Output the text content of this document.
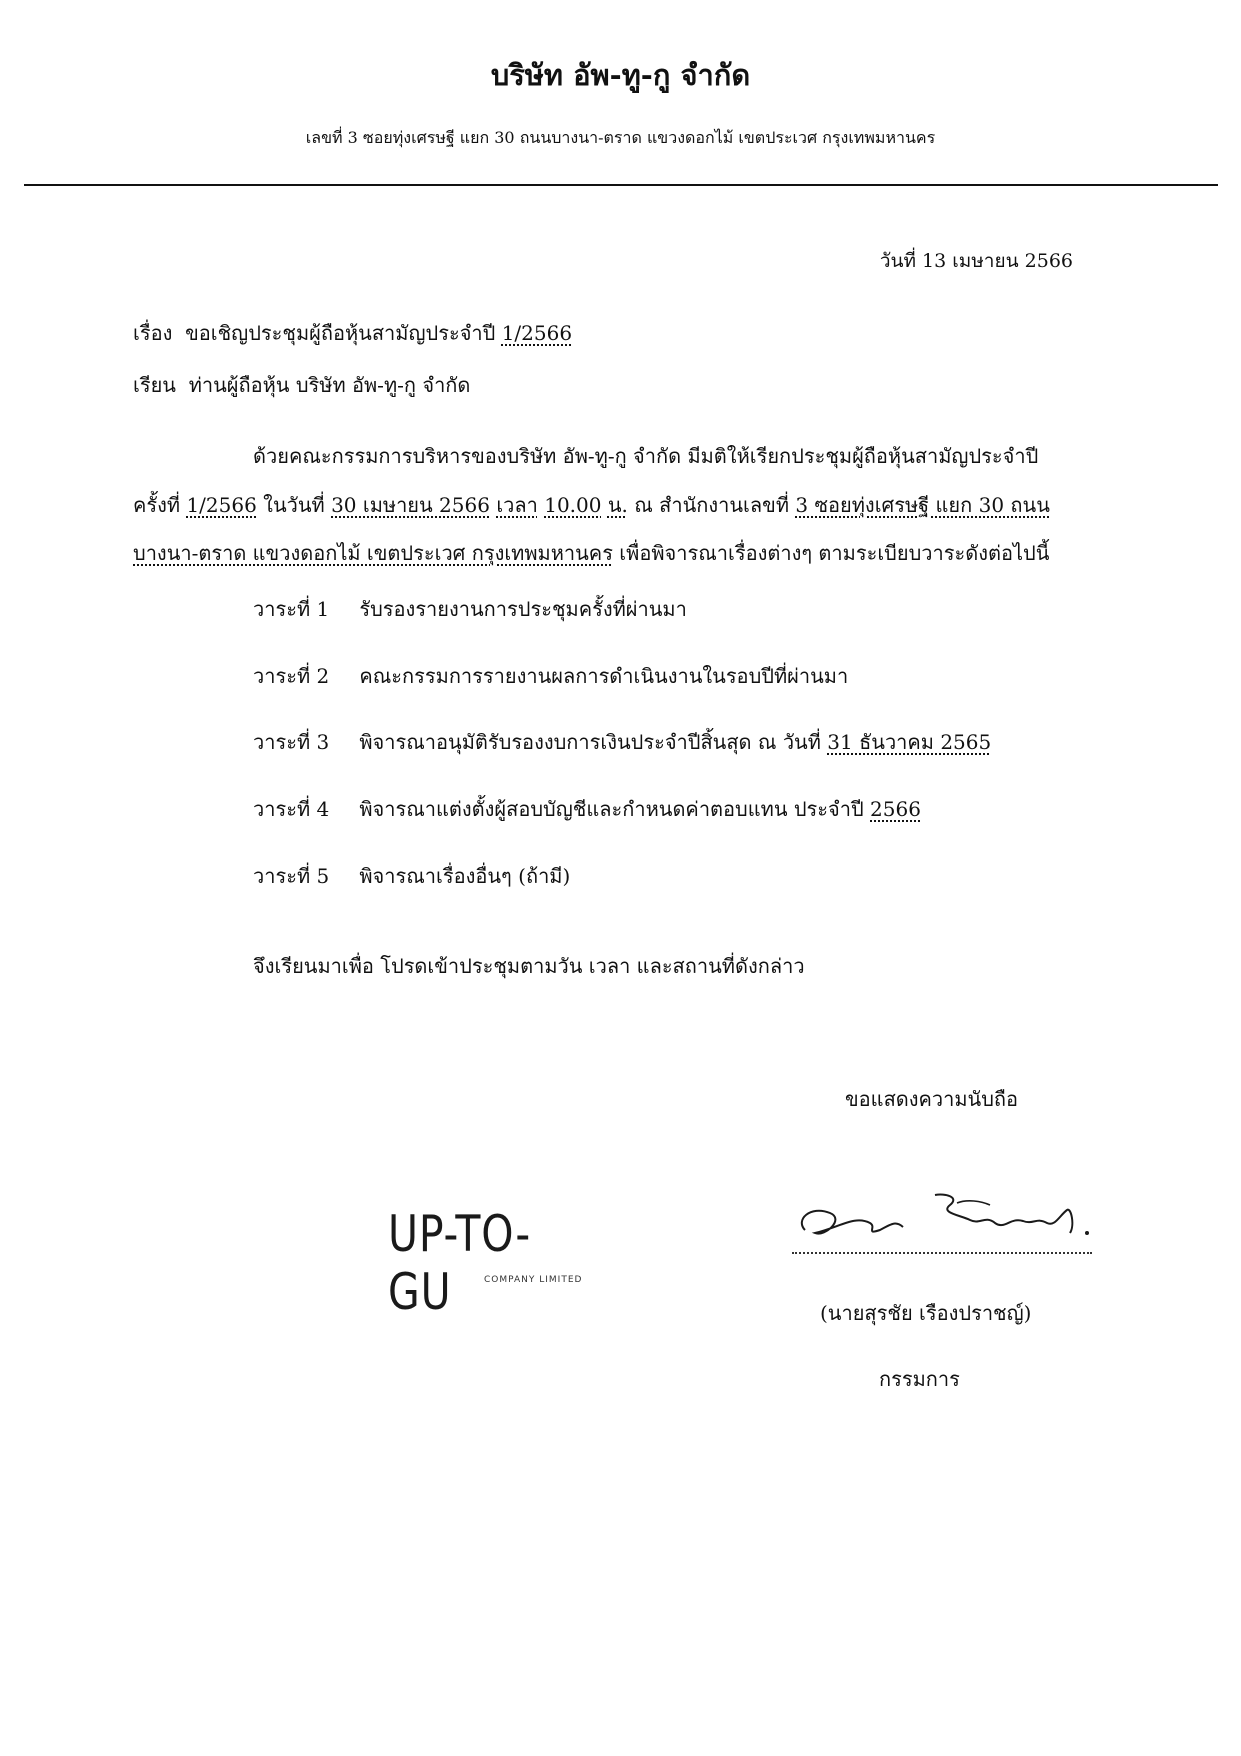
บริษัท อัพ-ทู-กู จำกัด
เลขที่ 3 ซอยทุ่งเศรษฐี แยก 30 ถนนบางนา-ตราด แขวงดอกไม้ เขตประเวศ กรุงเทพมหานคร
วันที่ 13 เมษายน 2566
เรื่อง ขอเชิญประชุมผู้ถือหุ้นสามัญประจำปี 1/2566
เรียน ท่านผู้ถือหุ้น บริษัท อัพ-ทู-กู จำกัด
ด้วยคณะกรรมการบริหารของบริษัท อัพ-ทู-กู จำกัด มีมติให้เรียกประชุมผู้ถือหุ้นสามัญประจำปี
ครั้งที่ 1/2566 ในวันที่ 30 เมษายน 2566 เวลา 10.00 น. ณ สำนักงานเลขที่ 3 ซอยทุ่งเศรษฐี แยก 30 ถนน
บางนา-ตราด แขวงดอกไม้ เขตประเวศ กรุงเทพมหานคร เพื่อพิจารณาเรื่องต่างๆ ตามระเบียบวาระดังต่อไปนี้
วาระที่ 1 รับรองรายงานการประชุมครั้งที่ผ่านมา
วาระที่ 2 คณะกรรมการรายงานผลการดำเนินงานในรอบปีที่ผ่านมา
วาระที่ 3 พิจารณาอนุมัติรับรองงบการเงินประจำปีสิ้นสุด ณ วันที่ 31 ธันวาคม 2565
วาระที่ 4 พิจารณาแต่งตั้งผู้สอบบัญชีและกำหนดค่าตอบแทน ประจำปี 2566
วาระที่ 5 พิจารณาเรื่องอื่นๆ (ถ้ามี)
จึงเรียนมาเพื่อ โปรดเข้าประชุมตามวัน เวลา และสถานที่ดังกล่าว
ขอแสดงความนับถือ
UP-TO-GU	COMPANY LIMITED
(นายสุรชัย เรืองปราชญ์)
กรรมการ
